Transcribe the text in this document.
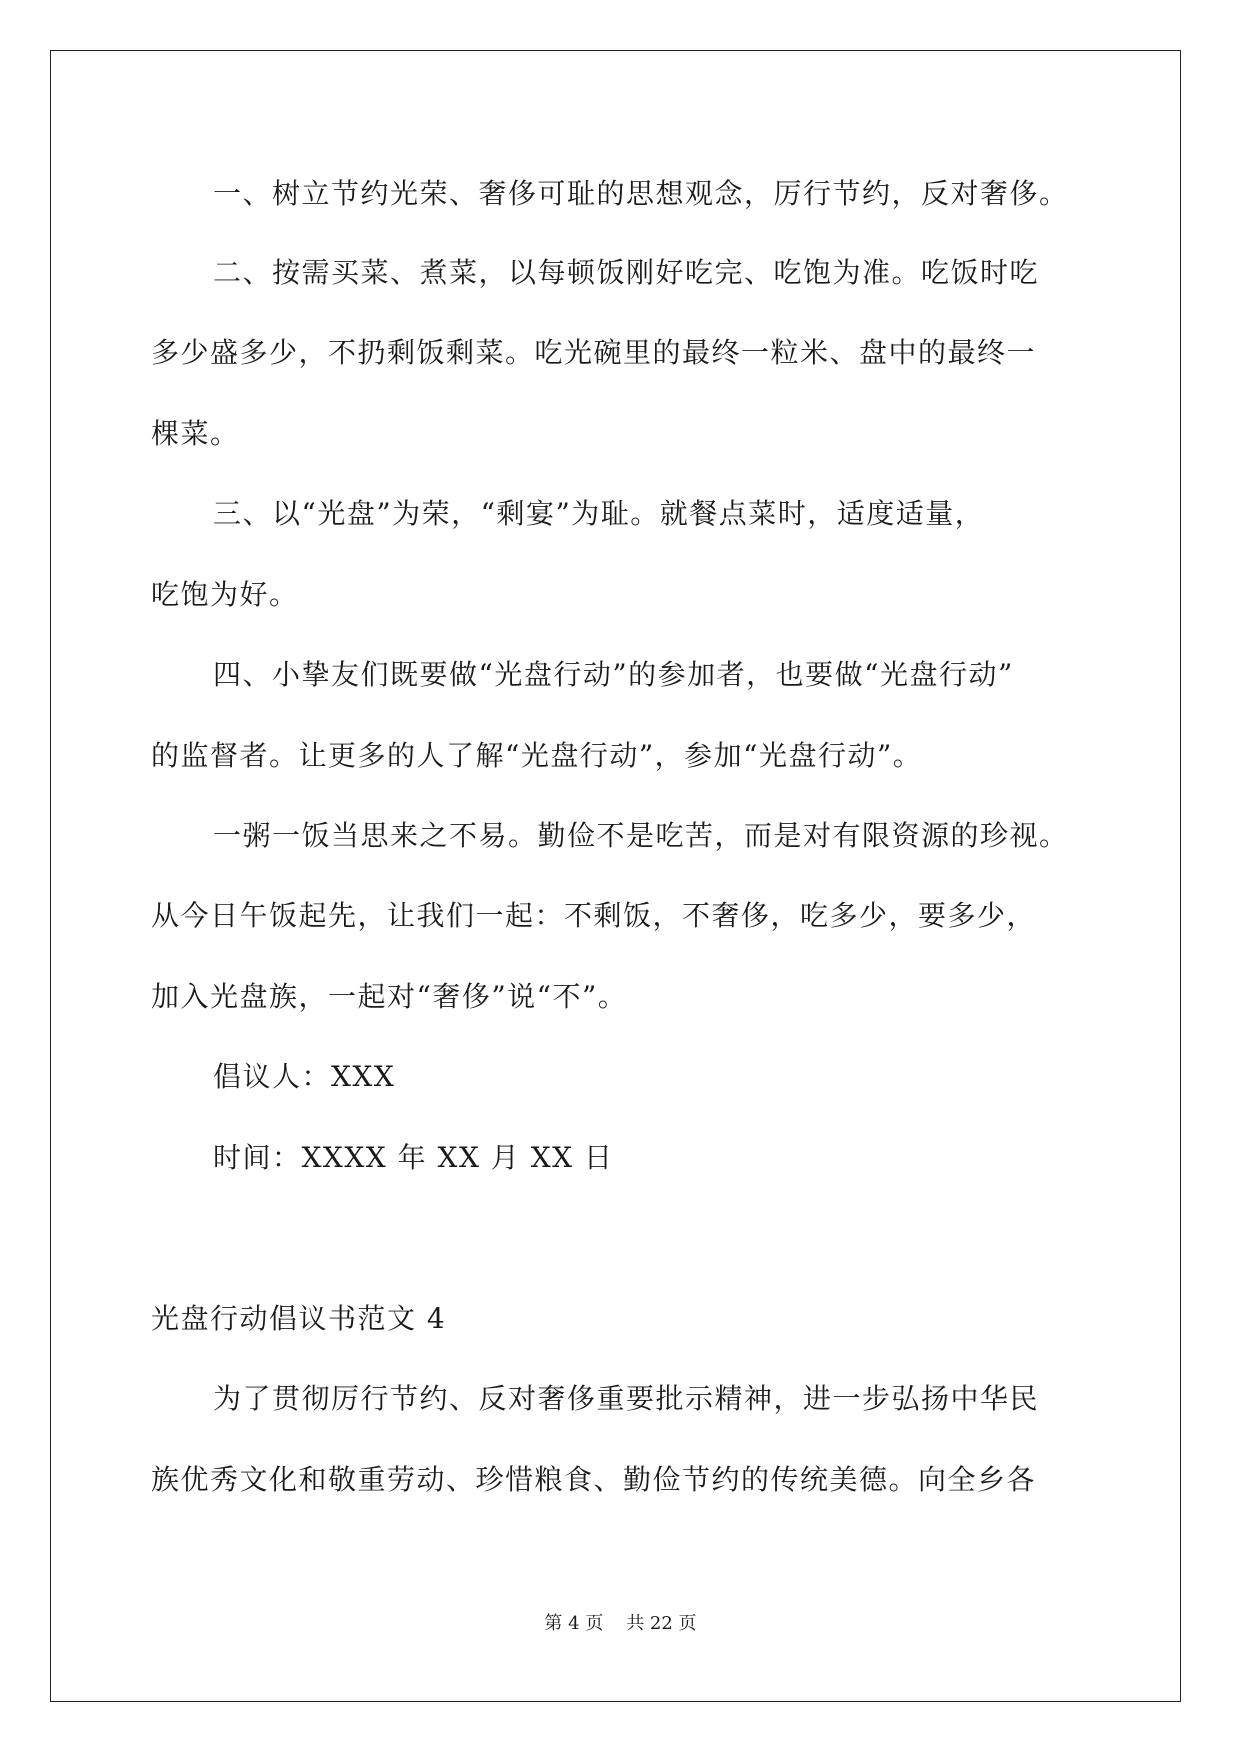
一、树立节约光荣、奢侈可耻的思想观念，厉行节约，反对奢侈。

二、按需买菜、煮菜，以每顿饭刚好吃完、吃饱为准。吃饭时吃

多少盛多少，不扔剩饭剩菜。吃光碗里的最终一粒米、盘中的最终一

棵菜。

三、以“光盘”为荣，“剩宴”为耻。就餐点菜时，适度适量，

吃饱为好。

四、小挚友们既要做“光盘行动”的参加者，也要做“光盘行动”

的监督者。让更多的人了解“光盘行动”，参加“光盘行动”。

一粥一饭当思来之不易。勤俭不是吃苦，而是对有限资源的珍视。

从今日午饭起先，让我们一起：不剩饭，不奢侈，吃多少，要多少，

加入光盘族，一起对“奢侈”说“不”。

倡议人：XXX

时间：XXXX 年 XX 月 XX 日

光盘行动倡议书范文 4

为了贯彻厉行节约、反对奢侈重要批示精神，进一步弘扬中华民

族优秀文化和敬重劳动、珍惜粮食、勤俭节约的传统美德。向全乡各

第 4 页    共 22 页
